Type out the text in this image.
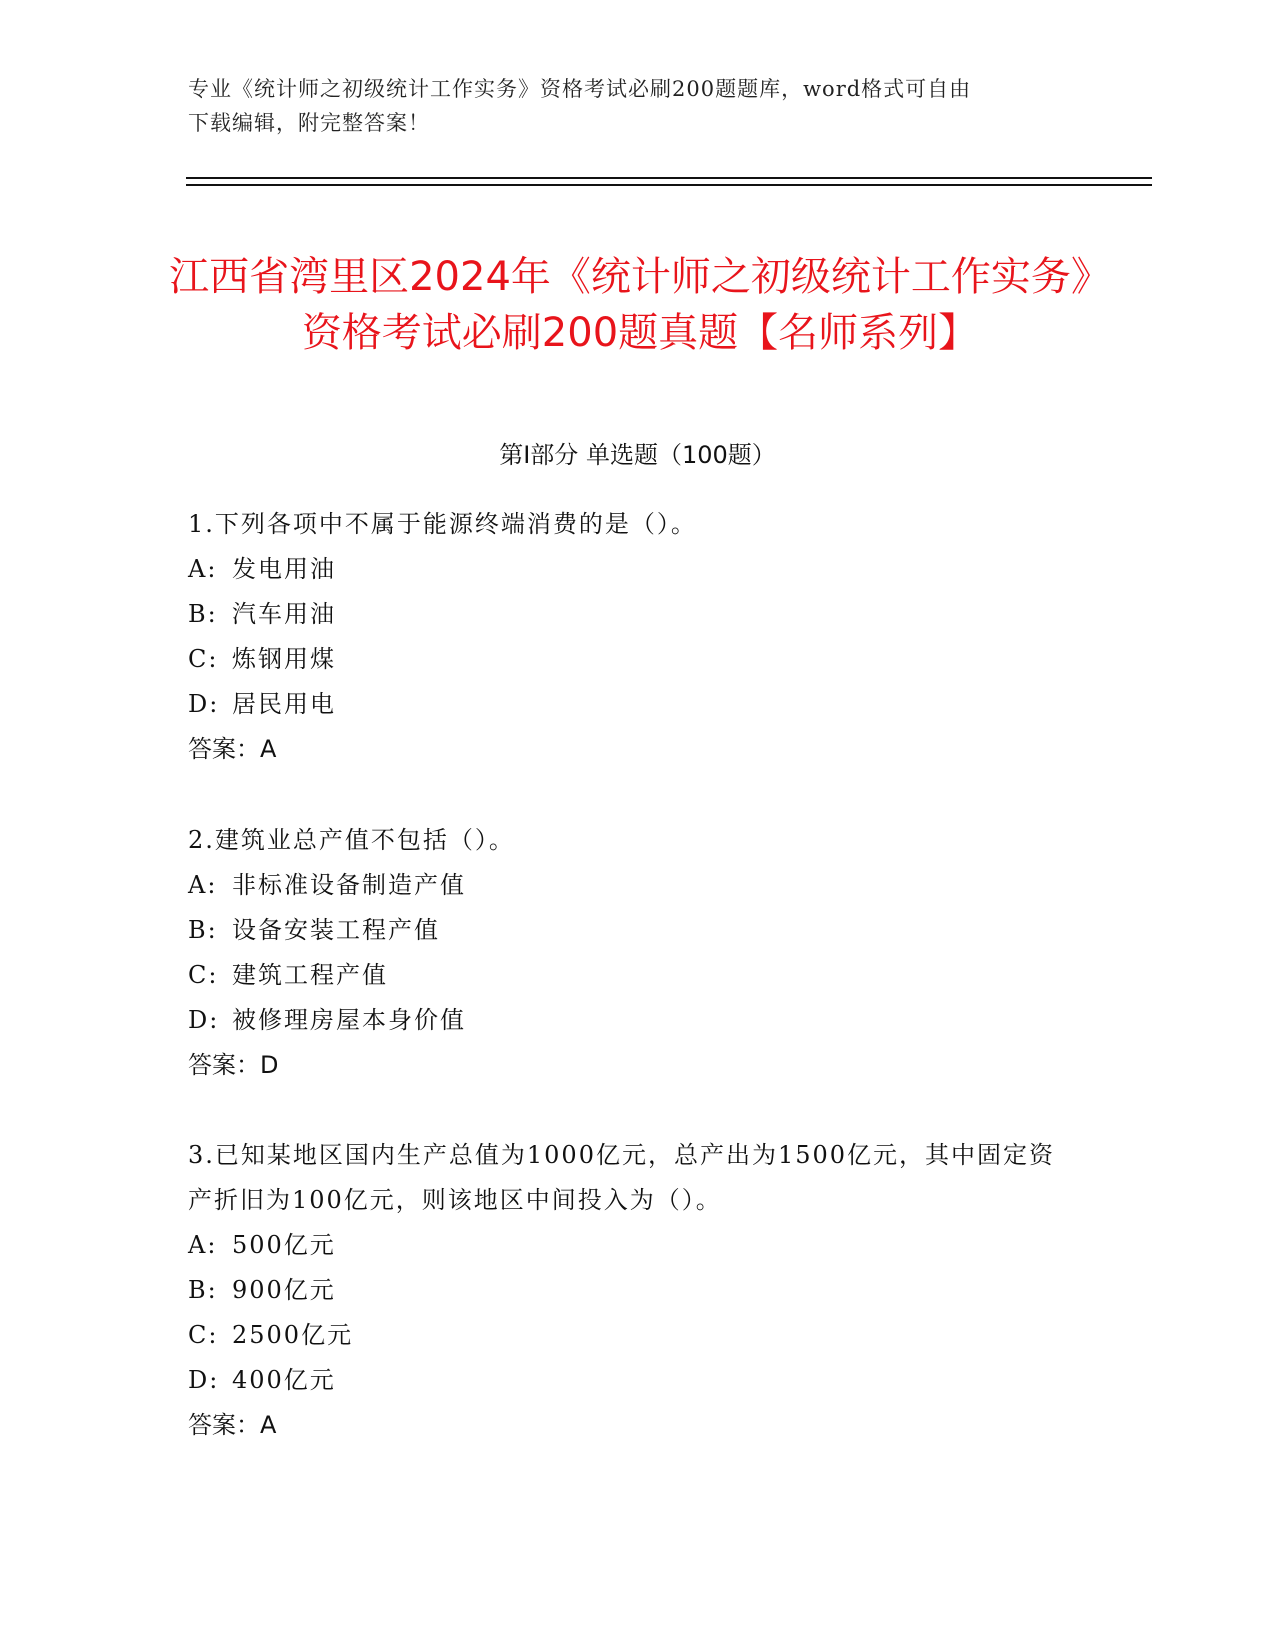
专业《统计师之初级统计工作实务》资格考试必刷200题题库，word格式可自由
下载编辑，附完整答案！
江西省湾里区2024年《统计师之初级统计工作实务》资格考试必刷200题真题【名师系列】
第I部分 单选题（100题）

1.下列各项中不属于能源终端消费的是（）。

A: 发电用油

B: 汽车用油

C: 炼钢用煤

D: 居民用电

答案：A

2.建筑业总产值不包括（）。

A: 非标准设备制造产值

B: 设备安装工程产值

C: 建筑工程产值

D: 被修理房屋本身价值

答案：D

3.已知某地区国内生产总值为1000亿元，总产出为1500亿元，其中固定资产折旧为100亿元，则该地区中间投入为（）。

A: 500亿元

B: 900亿元

C: 2500亿元

D: 400亿元

答案：A
